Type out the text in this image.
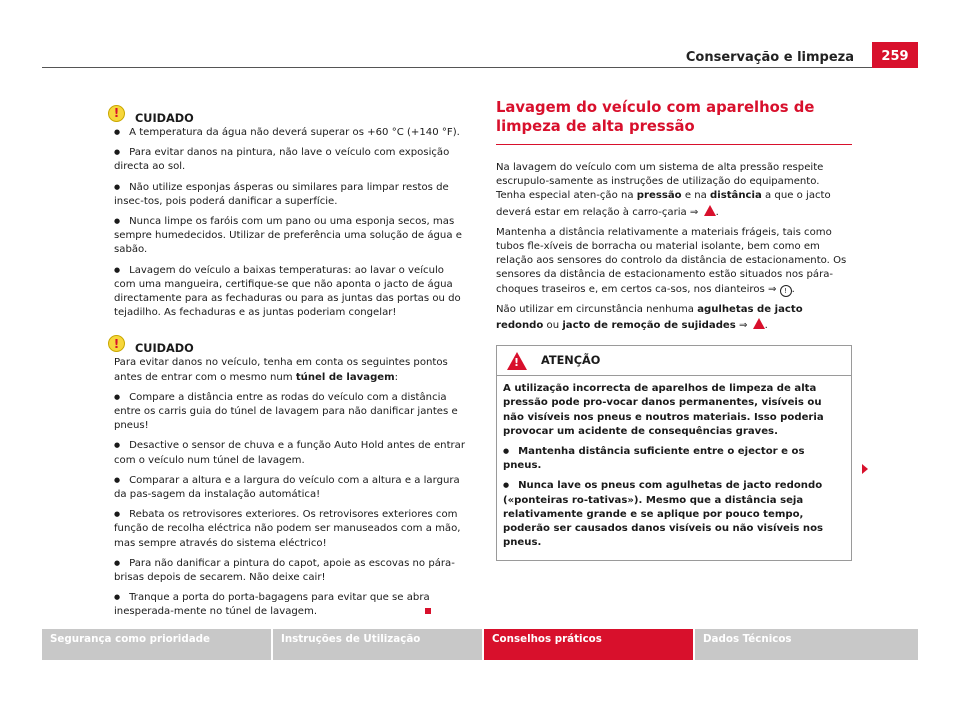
Conservação e limpeza	259
!	CUIDADO

● A temperatura da água não deverá superar os +60 °C (+140 °F).

● Para evitar danos na pintura, não lave o veículo com exposição directa ao sol.

● Não utilize esponjas ásperas ou similares para limpar restos de insec-tos, pois poderá danificar a superfície.

● Nunca limpe os faróis com um pano ou uma esponja secos, mas sempre humedecidos. Utilizar de preferência uma solução de água e sabão.

● Lavagem do veículo a baixas temperaturas: ao lavar o veículo com uma mangueira, certifique-se que não aponta o jacto de água directamente para as fechaduras ou para as juntas das portas ou do tejadilho. As fechaduras e as juntas poderiam congelar!

!	CUIDADO

Para evitar danos no veículo, tenha em conta os seguintes pontos antes de entrar com o mesmo num túnel de lavagem:

● Compare a distância entre as rodas do veículo com a distância entre os carris guia do túnel de lavagem para não danificar jantes e pneus!

● Desactive o sensor de chuva e a função Auto Hold antes de entrar com o veículo num túnel de lavagem.

● Comparar a altura e a largura do veículo com a altura e a largura da pas-sagem da instalação automática!

● Rebata os retrovisores exteriores. Os retrovisores exteriores com função de recolha eléctrica não podem ser manuseados com a mão, mas sempre através do sistema eléctrico!

● Para não danificar a pintura do capot, apoie as escovas no pára-brisas depois de secarem. Não deixe cair!

● Tranque a porta do porta-bagagens para evitar que se abra inesperada-mente no túnel de lavagem.

Lavagem do veículo com aparelhos de limpeza de alta pressão

Na lavagem do veículo com um sistema de alta pressão respeite escrupulo-samente as instruções de utilização do equipamento. Tenha especial aten-ção na pressão e na distância a que o jacto deverá estar em relação à carro-çaria ⇒ .

Mantenha a distância relativamente a materiais frágeis, tais como tubos fle-xíveis de borracha ou material isolante, bem como em relação aos sensores do controlo da distância de estacionamento. Os sensores da distância de estacionamento estão situados nos pára-choques traseiros e, em certos ca-sos, nos dianteiros ⇒ ! .

Não utilizar em circunstância nenhuma agulhetas de jacto redondo ou jacto de remoção de sujidades ⇒ .

! ATENÇÃO

A utilização incorrecta de aparelhos de limpeza de alta pressão pode pro-vocar danos permanentes, visíveis ou não visíveis nos pneus e noutros materiais. Isso poderia provocar um acidente de consequências graves.

● Mantenha distância suficiente entre o ejector e os pneus.

● Nunca lave os pneus com agulhetas de jacto redondo («ponteiras ro-tativas»). Mesmo que a distância seja relativamente grande e se aplique por pouco tempo, poderão ser causados danos visíveis ou não visíveis nos pneus.

Segurança como prioridade	Instruções de Utilização	Conselhos práticos	Dados Técnicos
